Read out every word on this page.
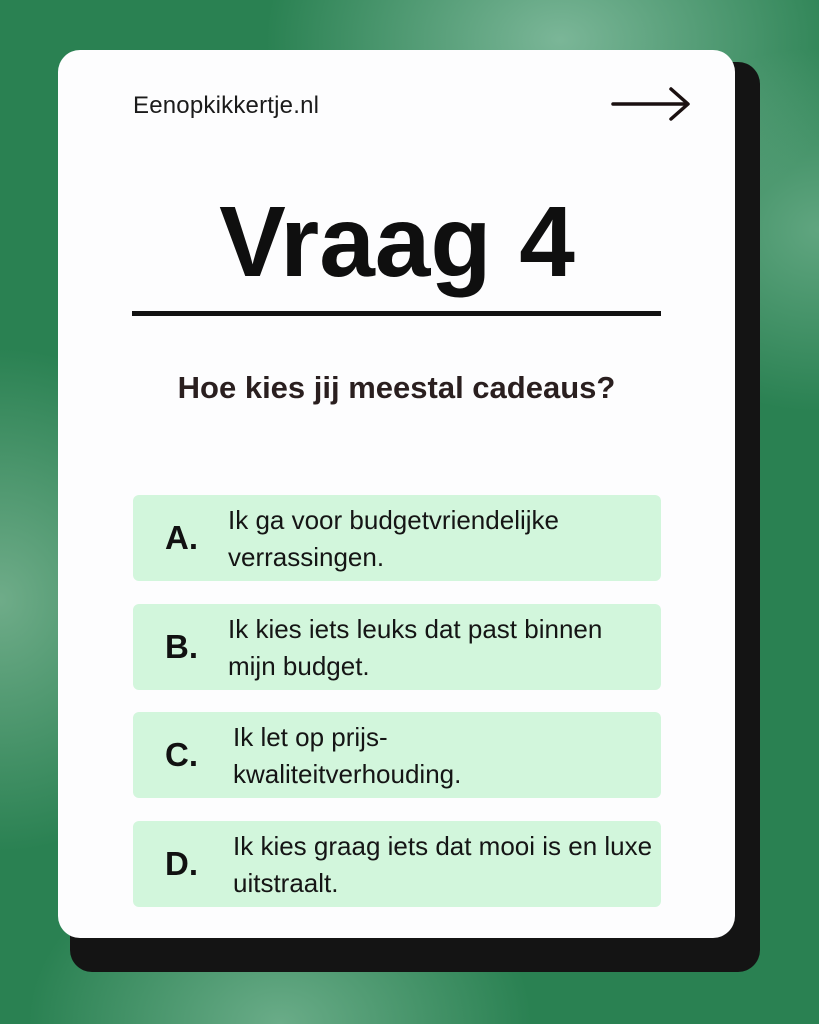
Eenopkikkertje.nl
Vraag 4
Hoe kies jij meestal cadeaus?
A. Ik ga voor budgetvriendelijke verrassingen.
B. Ik kies iets leuks dat past binnen mijn budget.
C. Ik let op prijs-kwaliteitverhouding.
D. Ik kies graag iets dat mooi is en luxe uitstraalt.
